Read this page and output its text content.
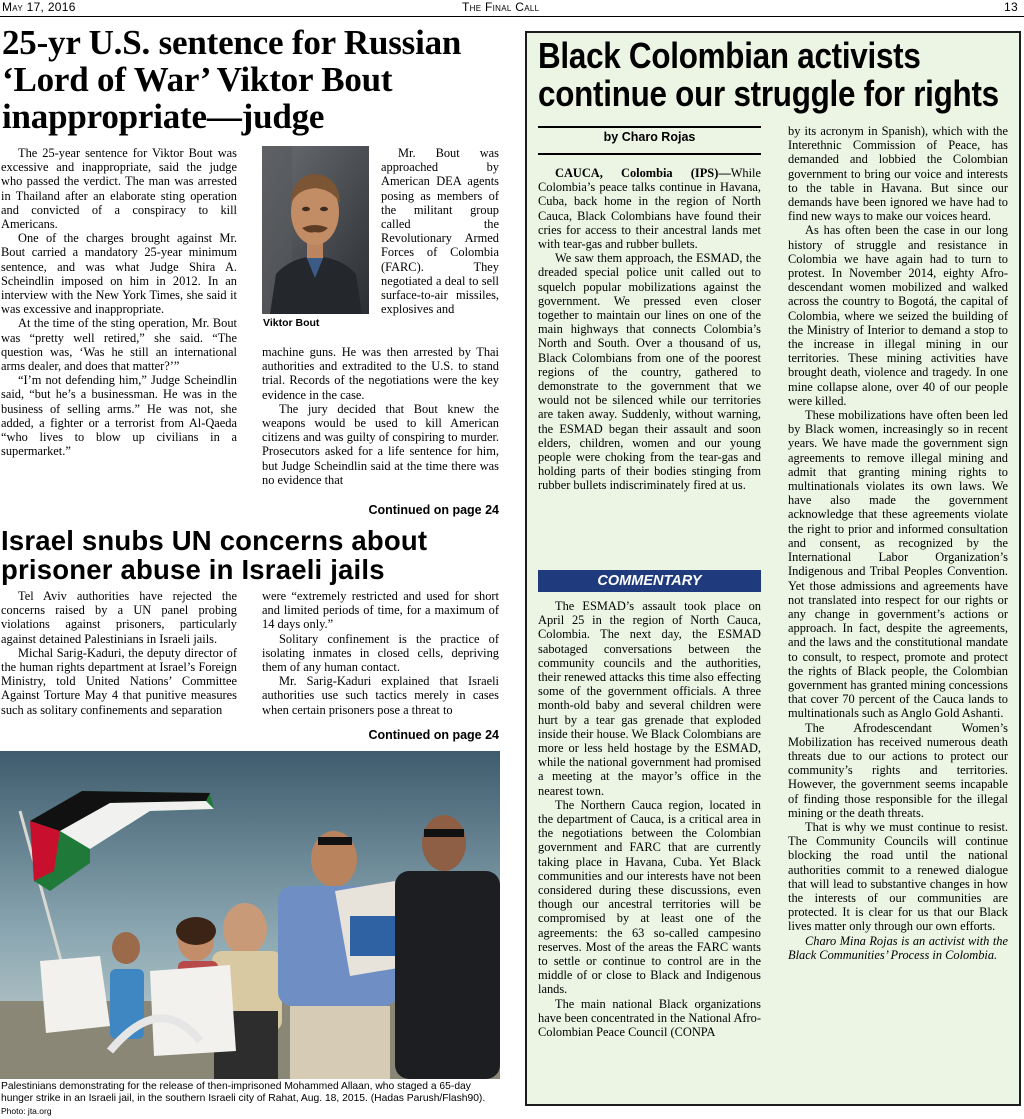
May 17, 2016	The Final Call	13
25-yr U.S. sentence for Russian ‘Lord of War’ Viktor Bout inappropriate—judge

The 25-year sentence for Viktor Bout was excessive and inappropriate, said the judge who passed the verdict. The man was arrested in Thailand after an elaborate sting operation and convicted of a conspiracy to kill Americans.

One of the charges brought against Mr. Bout carried a mandatory 25-year minimum sentence, and was what Judge Shira A. Scheindlin imposed on him in 2012. In an interview with the New York Times, she said it was excessive and inappropriate.

At the time of the sting operation, Mr. Bout was “pretty well retired,” she said. “The question was, ‘Was he still an international arms dealer, and does that matter?’”

“I’m not defending him,” Judge Scheindlin said, “but he’s a businessman. He was in the business of selling arms.” He was not, she added, a fighter or a terrorist from Al-Qaeda “who lives to blow up civilians in a supermarket.”

Viktor Bout

Mr. Bout was approached by American DEA agents posing as members of the militant group called the Revolutionary Armed Forces of Colombia (FARC). They negotiated a deal to sell surface-to-air missiles, explosives and

machine guns. He was then arrested by Thai authorities and extradited to the U.S. to stand trial. Records of the negotiations were the key evidence in the case.

The jury decided that Bout knew the weapons would be used to kill American citizens and was guilty of conspiring to murder. Prosecutors asked for a life sentence for him, but Judge Scheindlin said at the time there was no evidence that

Continued on page 24
Israel snubs UN concerns about prisoner abuse in Israeli jails

Tel Aviv authorities have rejected the concerns raised by a UN panel probing violations against prisoners, particularly against detained Palestinians in Israeli jails.

Michal Sarig-Kaduri, the deputy director of the human rights department at Israel’s Foreign Ministry, told United Nations’ Committee Against Torture May 4 that punitive measures such as solitary confinements and separation

were “extremely restricted and used for short and limited periods of time, for a maximum of 14 days only.”

Solitary confinement is the practice of isolating inmates in closed cells, depriving them of any human contact.

Mr. Sarig-Kaduri explained that Israeli authorities use such tactics merely in cases when certain prisoners pose a threat to

Continued on page 24
Palestinians demonstrating for the release of then-imprisoned Mohammed Allaan, who staged a 65-day hunger strike in an Israeli jail, in the southern Israeli city of Rahat, Aug. 18, 2015. (Hadas Parush/Flash90). Photo: jta.org
Black Colombian activists continue our struggle for rights
by Charo Rojas

CAUCA, Colombia (IPS)—While Colombia’s peace talks continue in Havana, Cuba, back home in the region of North Cauca, Black Colombians have found their cries for access to their ancestral lands met with tear-gas and rubber bullets.

We saw them approach, the ESMAD, the dreaded special police unit called out to squelch popular mobilizations against the government. We pressed even closer together to maintain our lines on one of the main highways that connects Colombia’s North and South. Over a thousand of us, Black Colombians from one of the poorest regions of the country, gathered to demonstrate to the government that we would not be silenced while our territories are taken away. Suddenly, without warning, the ESMAD began their assault and soon elders, children, women and our young people were choking from the tear-gas and holding parts of their bodies stinging from rubber bullets indiscriminately fired at us.

COMMENTARY

The ESMAD’s assault took place on April 25 in the region of North Cauca, Colombia. The next day, the ESMAD sabotaged conversations between the community councils and the authorities, their renewed attacks this time also effecting some of the government officials. A three month-old baby and several children were hurt by a tear gas grenade that exploded inside their house. We Black Colombians are more or less held hostage by the ESMAD, while the national government had promised a meeting at the mayor’s office in the nearest town.

The Northern Cauca region, located in the department of Cauca, is a critical area in the negotiations between the Colombian government and FARC that are currently taking place in Havana, Cuba. Yet Black communities and our interests have not been considered during these discussions, even though our ancestral territories will be compromised by at least one of the agreements: the 63 so-called campesino reserves. Most of the areas the FARC wants to settle or continue to control are in the middle of or close to Black and Indigenous lands.

The main national Black organizations have been concentrated in the National Afro-Colombian Peace Council (CONPA

by its acronym in Spanish), which with the Interethnic Commission of Peace, has demanded and lobbied the Colombian government to bring our voice and interests to the table in Havana. But since our demands have been ignored we have had to find new ways to make our voices heard.

As has often been the case in our long history of struggle and resistance in Colombia we have again had to turn to protest. In November 2014, eighty Afro-descendant women mobilized and walked across the country to Bogotá, the capital of Colombia, where we seized the building of the Ministry of Interior to demand a stop to the increase in illegal mining in our territories. These mining activities have brought death, violence and tragedy. In one mine collapse alone, over 40 of our people were killed.

These mobilizations have often been led by Black women, increasingly so in recent years. We have made the government sign agreements to remove illegal mining and admit that granting mining rights to multinationals violates its own laws. We have also made the government acknowledge that these agreements violate the right to prior and informed consultation and consent, as recognized by the International Labor Organization’s Indigenous and Tribal Peoples Convention. Yet those admissions and agreements have not translated into respect for our rights or any change in government’s actions or approach. In fact, despite the agreements, and the laws and the constitutional mandate to consult, to respect, promote and protect the rights of Black people, the Colombian government has granted mining concessions that cover 70 percent of the Cauca lands to multinationals such as Anglo Gold Ashanti.

The Afrodescendant Women’s Mobilization has received numerous death threats due to our actions to protect our community’s rights and territories. However, the government seems incapable of finding those responsible for the illegal mining or the death threats.

That is why we must continue to resist. The Community Councils will continue blocking the road until the national authorities commit to a renewed dialogue that will lead to substantive changes in how the interests of our communities are protected. It is clear for us that our Black lives matter only through our own efforts.

Charo Mina Rojas is an activist with the Black Communities’ Process in Colombia.
